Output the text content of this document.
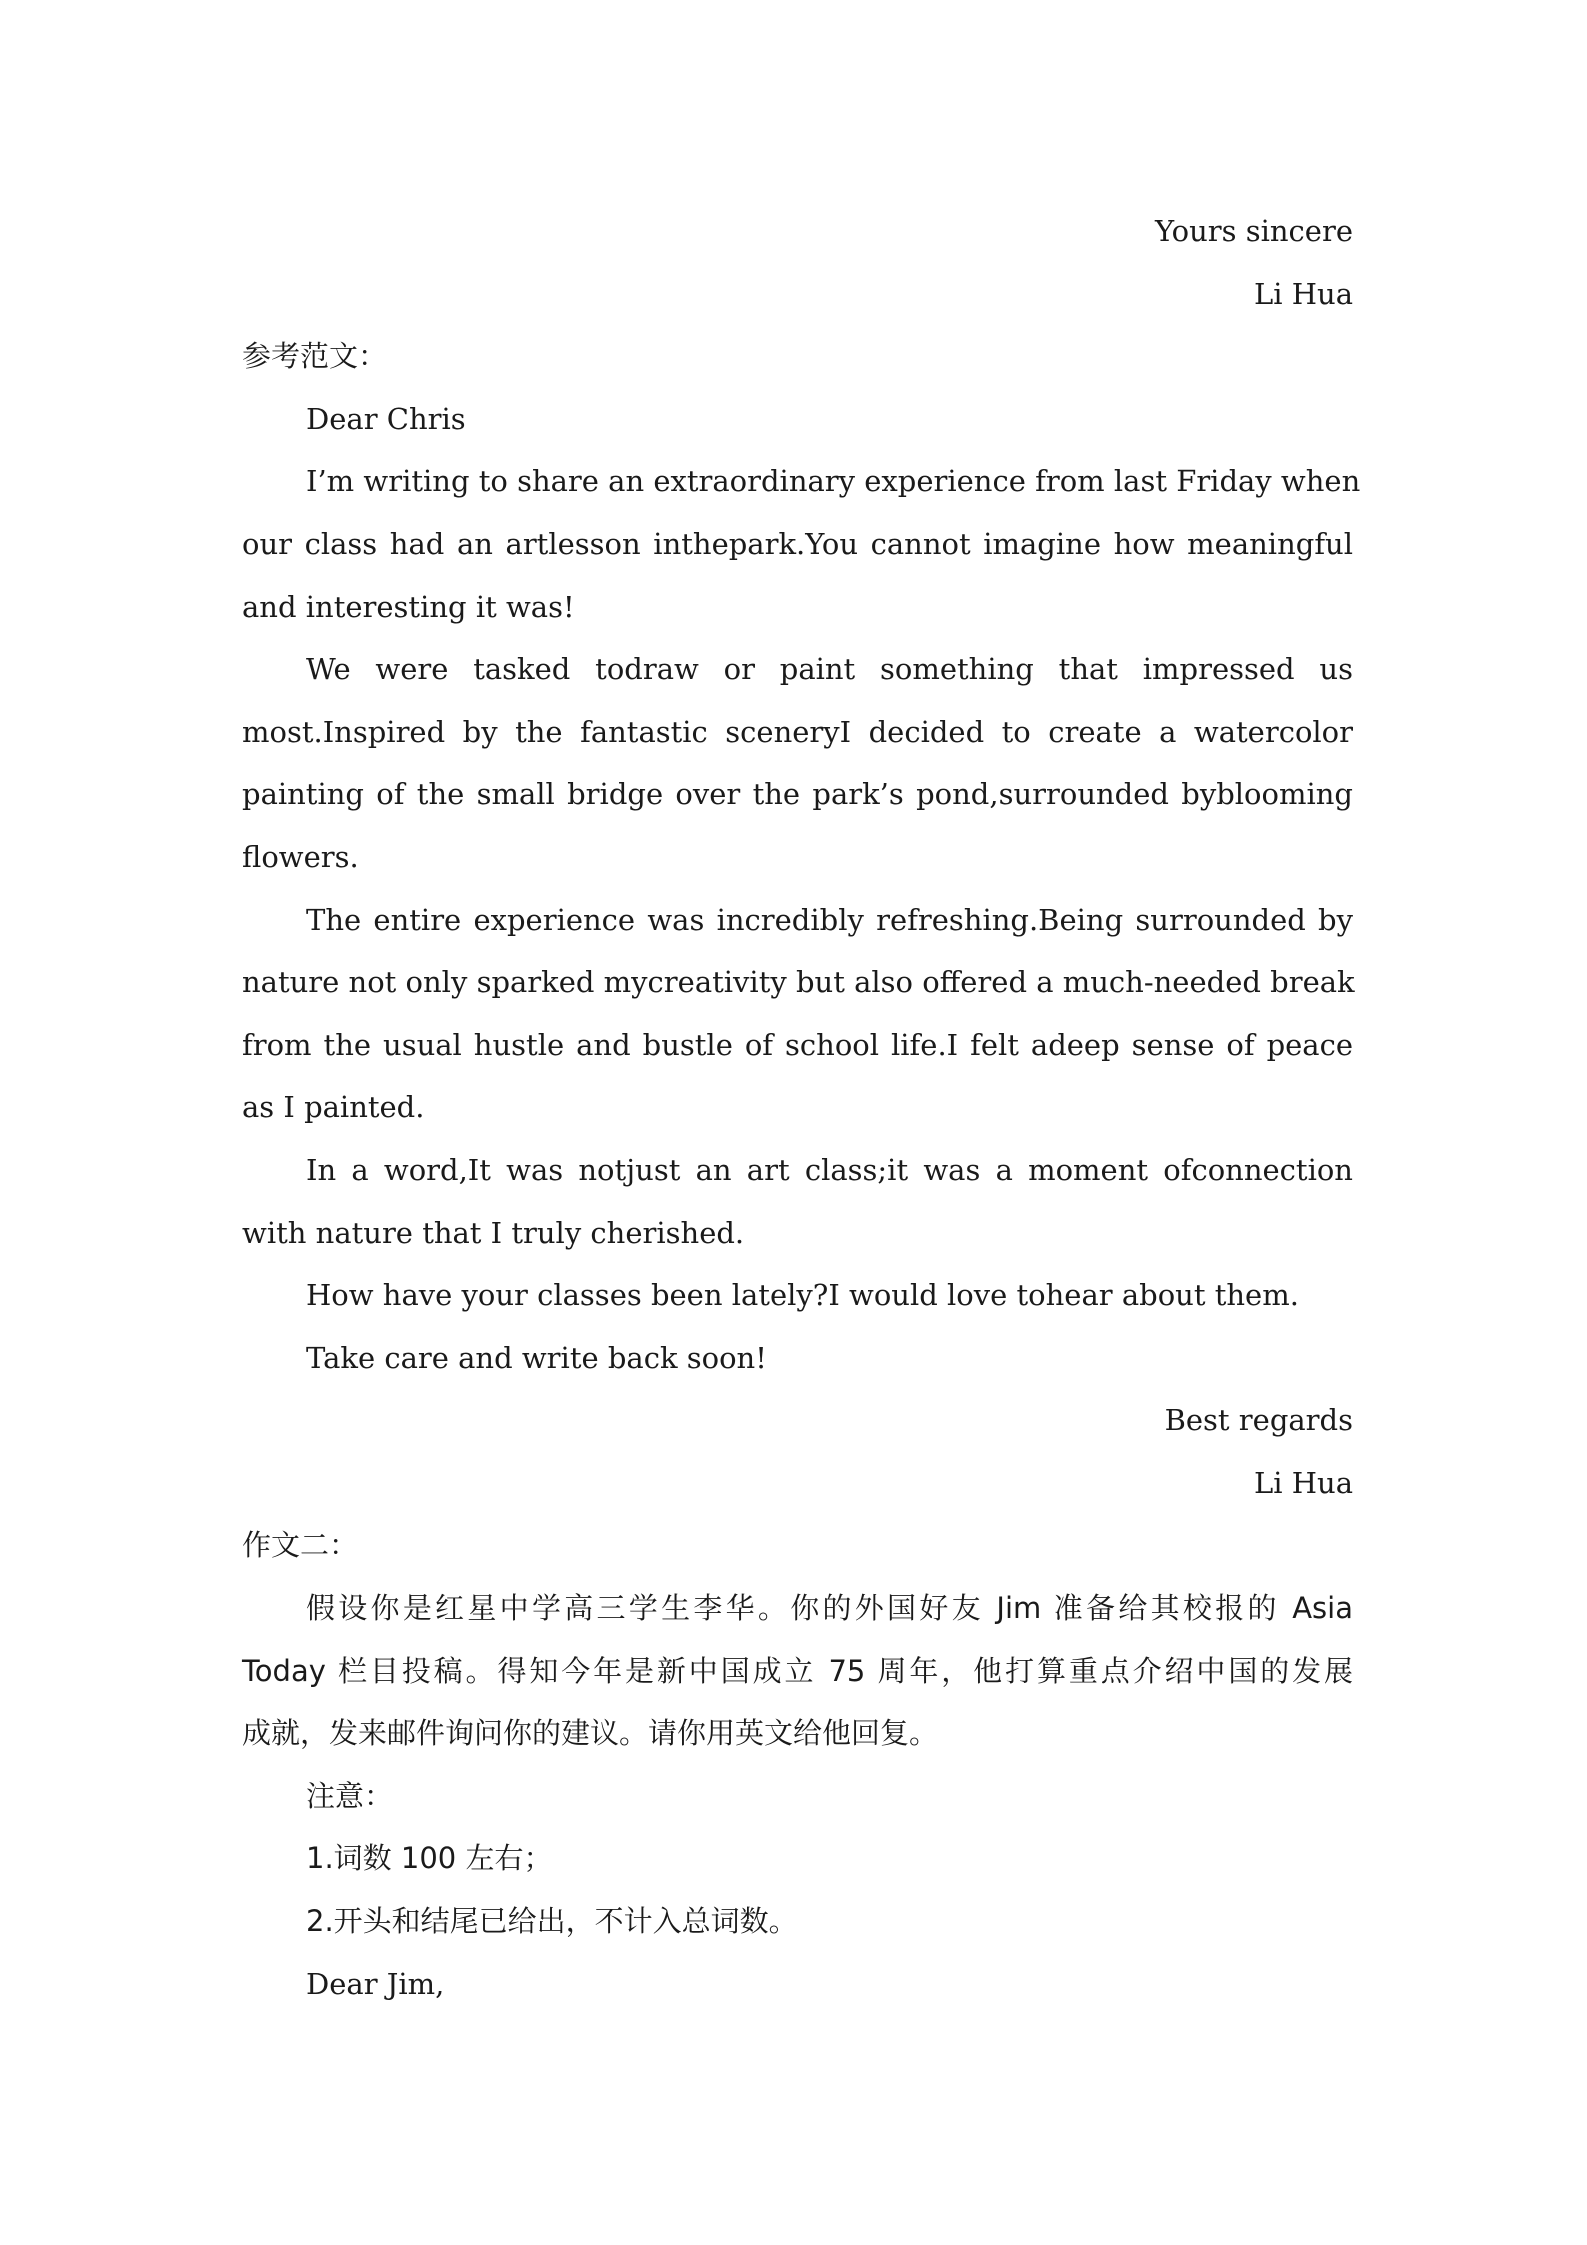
Yours sincere
Li Hua
参考范文：
Dear Chris
I’m writing to share an extraordinary experience from last Friday when
our class had an artlesson inthepark.You cannot imagine how meaningful
and interesting it was!
We were tasked todraw or paint something that impressed us
most.Inspired by the fantastic sceneryI decided to create a watercolor
painting of the small bridge over the park’s pond,surrounded byblooming
flowers.
The entire experience was incredibly refreshing.Being surrounded by
nature not only sparked mycreativity but also offered a much-needed break
from the usual hustle and bustle of school life.I felt adeep sense of peace
as I painted.
In a word,It was notjust an art class;it was a moment ofconnection
with nature that I truly cherished.
How have your classes been lately?I would love tohear about them.
Take care and write back soon!
Best regards
Li Hua
作文二：
假设你是红星中学高三学生李华。你的外国好友 Jim 准备给其校报的 Asia
Today 栏目投稿。得知今年是新中国成立 75 周年，他打算重点介绍中国的发展
成就，发来邮件询问你的建议。请你用英文给他回复。
注意：
1.词数 100 左右；
2.开头和结尾已给出，不计入总词数。
Dear Jim,
